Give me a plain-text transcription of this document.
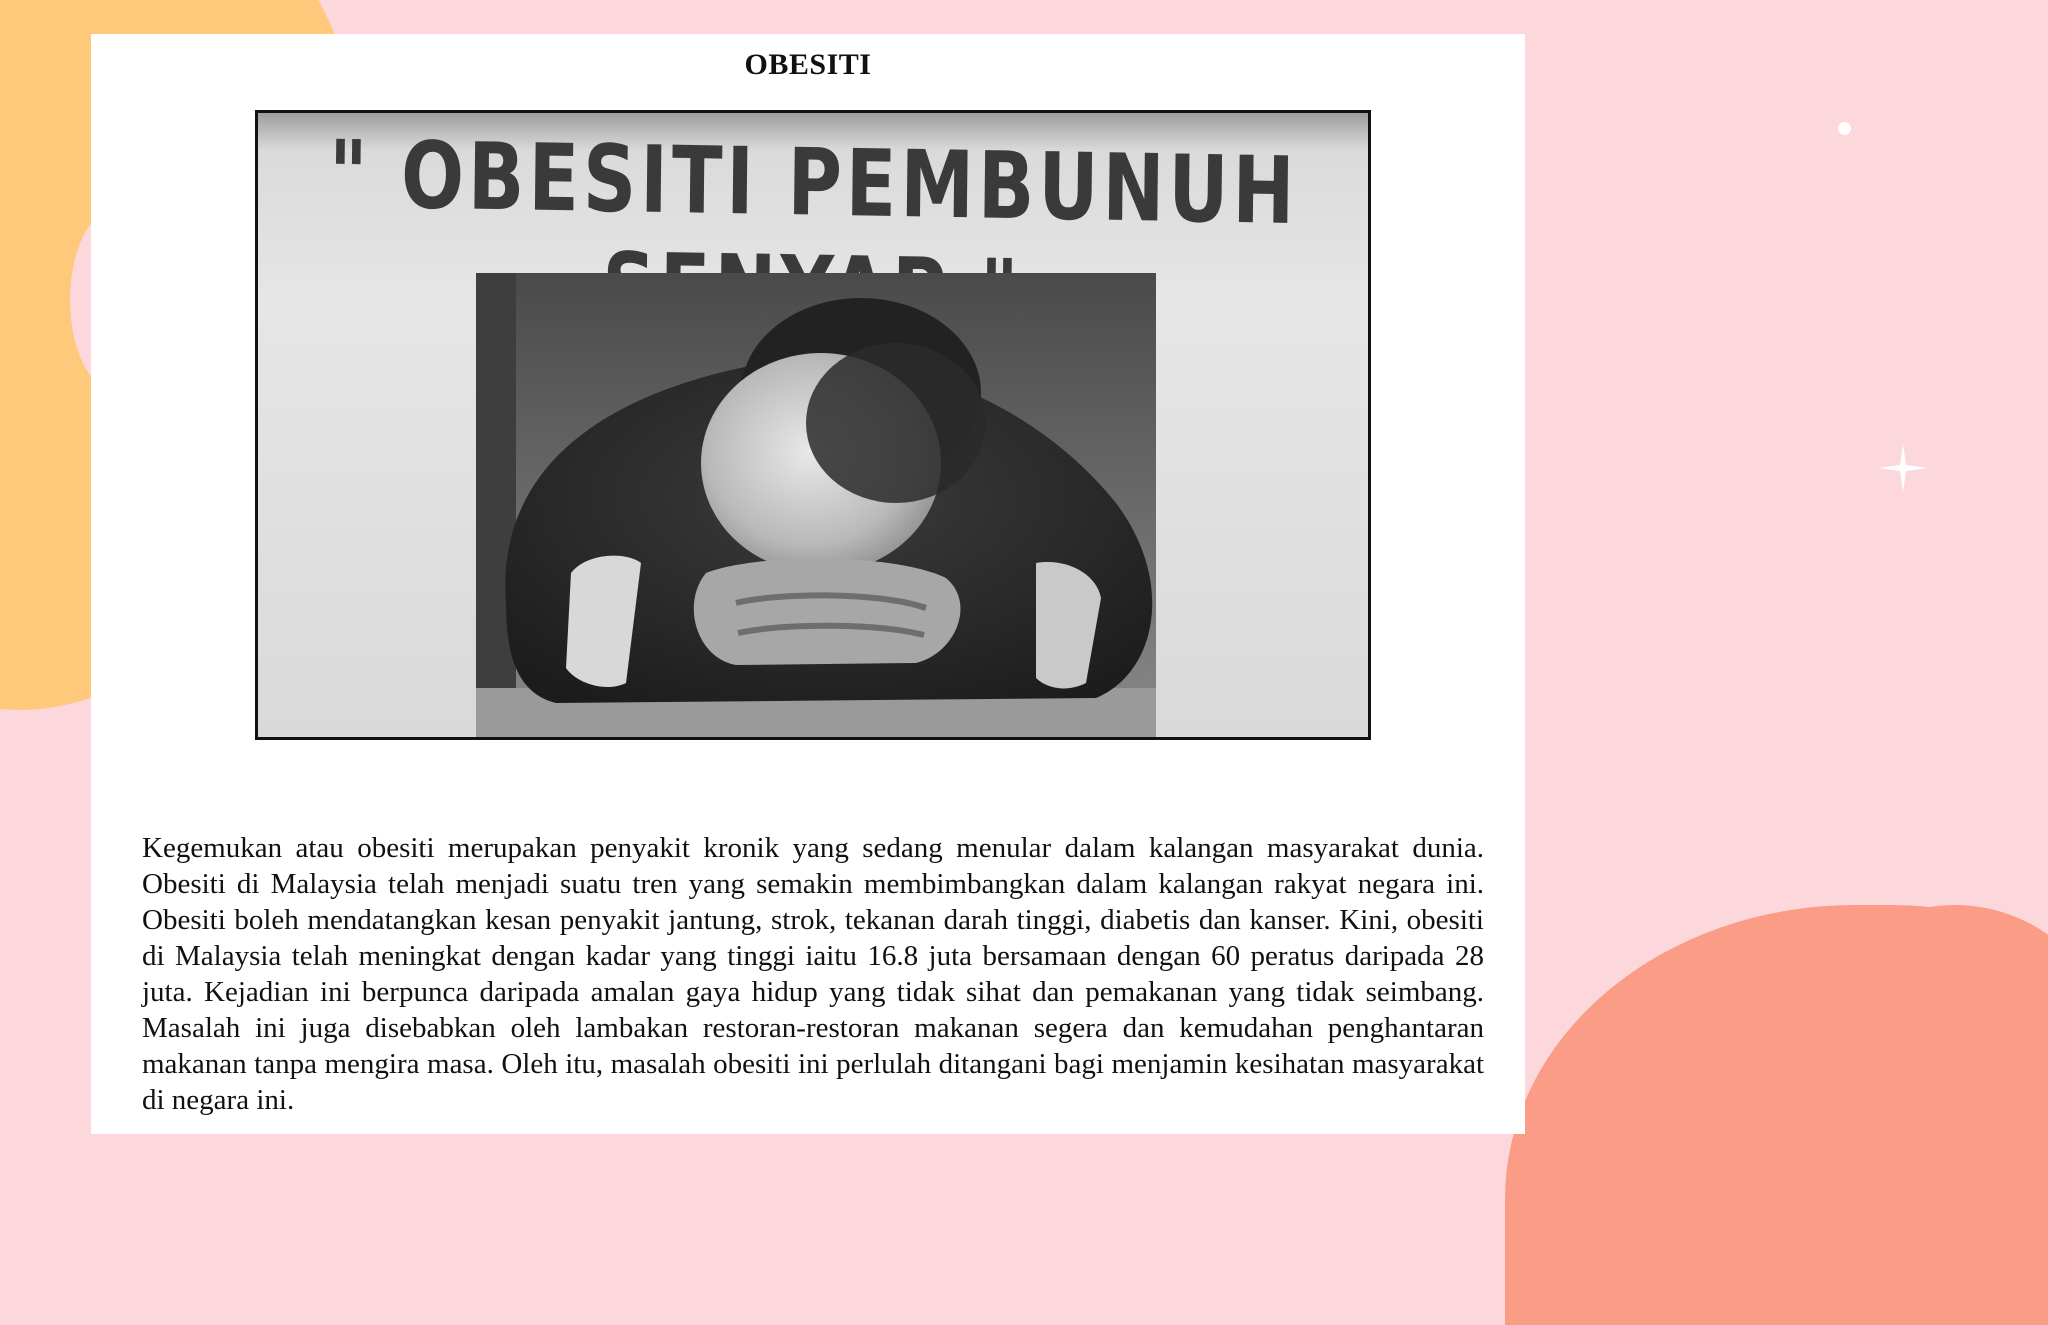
OBESITI
" OBESITI PEMBUNUH

Kegemukan atau obesiti merupakan penyakit kronik yang sedang menular dalam kalangan masyarakat dunia. Obesiti di Malaysia telah menjadi suatu tren yang semakin membimbangkan dalam kalangan rakyat negara ini. Obesiti boleh mendatangkan kesan penyakit jantung, strok, tekanan darah tinggi, diabetis dan kanser. Kini, obesiti di Malaysia telah meningkat dengan kadar yang tinggi iaitu 16.8 juta bersamaan dengan 60 peratus daripada 28 juta. Kejadian ini berpunca daripada amalan gaya hidup yang tidak sihat dan pemakanan yang tidak seimbang. Masalah ini juga disebabkan oleh lambakan restoran-restoran makanan segera dan kemudahan penghantaran makanan tanpa mengira masa. Oleh itu, masalah obesiti ini perlulah ditangani bagi menjamin kesihatan masyarakat di negara ini.
